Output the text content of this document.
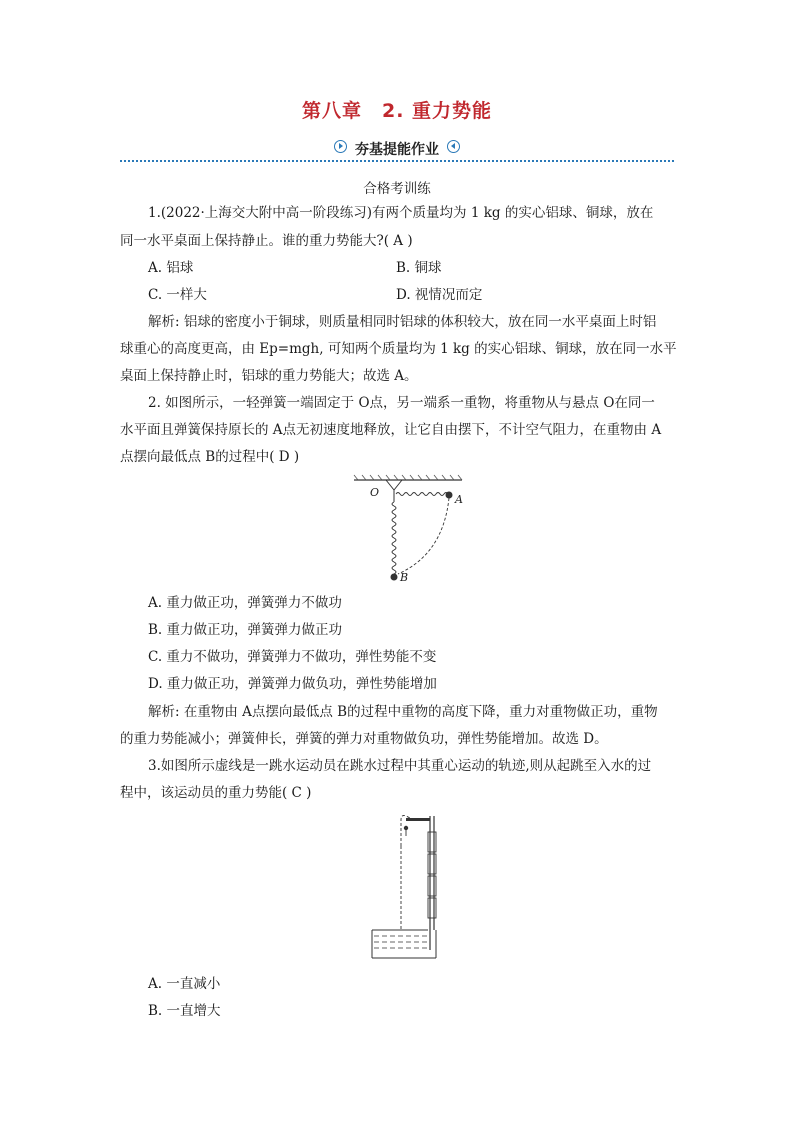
第八章　2. 重力势能
夯基提能作业
合格考训练
1.(2022·上海交大附中高一阶段练习)有两个质量均为 1 kg 的实心铝球、铜球，放在
同一水平桌面上保持静止。谁的重力势能大?( A )
A. 铝球	B. 铜球
C. 一样大	D. 视情况而定
解析: 铝球的密度小于铜球，则质量相同时铝球的体积较大，放在同一水平桌面上时铝
球重心的高度更高，由 Ep=mgh, 可知两个质量均为 1 kg 的实心铝球、铜球，放在同一水平
桌面上保持静止时，铝球的重力势能大；故选 A。
2. 如图所示，一轻弹簧一端固定于 O点，另一端系一重物，将重物从与悬点 O在同一
水平面且弹簧保持原长的 A点无初速度地释放，让它自由摆下，不计空气阻力，在重物由 A
点摆向最低点 B的过程中( D )
O
A
B
A. 重力做正功，弹簧弹力不做功
B. 重力做正功，弹簧弹力做正功
C. 重力不做功，弹簧弹力不做功，弹性势能不变
D. 重力做正功，弹簧弹力做负功，弹性势能增加
解析: 在重物由 A点摆向最低点 B的过程中重物的高度下降，重力对重物做正功，重物
的重力势能减小；弹簧伸长，弹簧的弹力对重物做负功，弹性势能增加。故选 D。
3.如图所示虚线是一跳水运动员在跳水过程中其重心运动的轨迹,则从起跳至入水的过
程中，该运动员的重力势能( C )
A. 一直减小
B. 一直增大
